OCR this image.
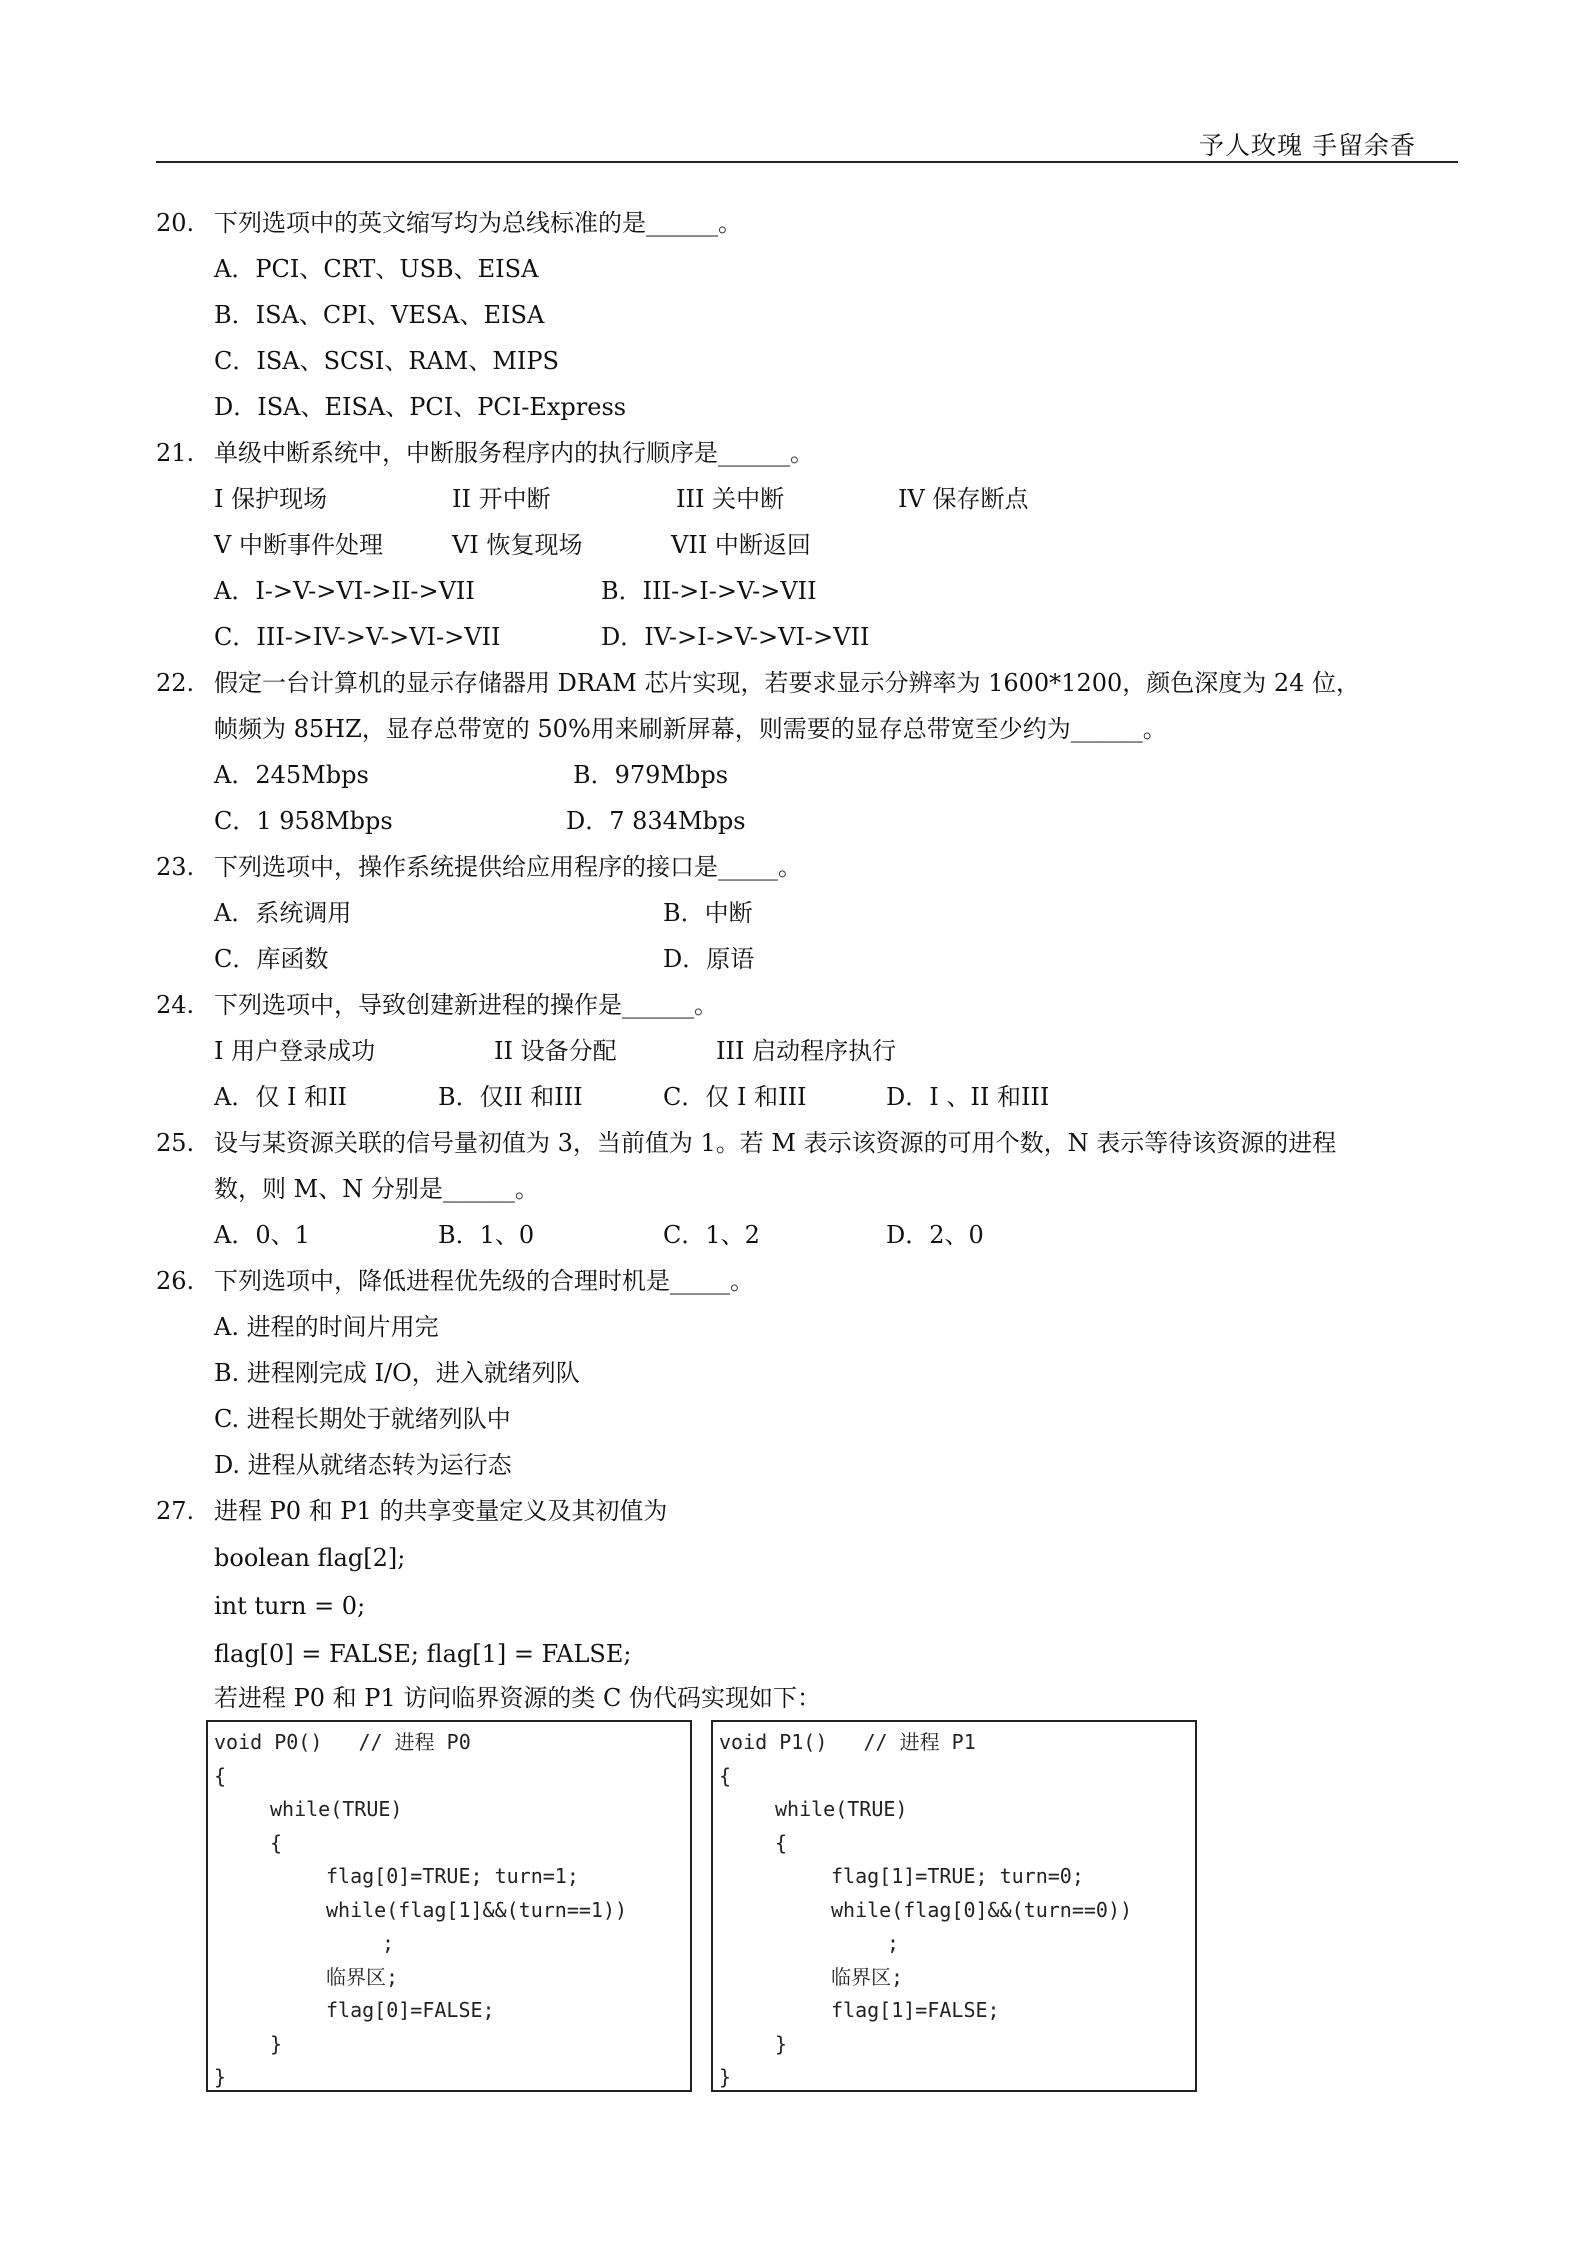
予人玫瑰 手留余香
20. 下列选项中的英文缩写均为总线标准的是______。
A．PCI、CRT、USB、EISA
B．ISA、CPI、VESA、EISA
C．ISA、SCSI、RAM、MIPS
D．ISA、EISA、PCI、PCI-Express
21. 单级中断系统中，中断服务程序内的执行顺序是______。
I 保护现场	II 开中断	III 关中断	IV 保存断点
V 中断事件处理	VI 恢复现场	VII 中断返回
A．I->V->VI->II->VII	B．III->I->V->VII
C．III->IV->V->VI->VII	D．IV->I->V->VI->VII
22. 假定一台计算机的显示存储器用 DRAM 芯片实现，若要求显示分辨率为 1600*1200，颜色深度为 24 位，
帧频为 85HZ，显存总带宽的 50%用来刷新屏幕，则需要的显存总带宽至少约为______。
A．245Mbps	B．979Mbps
C．1 958Mbps	D．7 834Mbps
23. 下列选项中，操作系统提供给应用程序的接口是_____。
A．系统调用	B．中断
C．库函数	D．原语
24. 下列选项中，导致创建新进程的操作是______。
I 用户登录成功	II 设备分配	III 启动程序执行
A．仅 I 和II	B．仅II 和III	C．仅 I 和III	D．I 、II 和III
25. 设与某资源关联的信号量初值为 3，当前值为 1。若 M 表示该资源的可用个数，N 表示等待该资源的进程
数，则 M、N 分别是______。
A．0、1	B．1、0	C．1、2	D．2、0
26. 下列选项中，降低进程优先级的合理时机是_____。
A. 进程的时间片用完
B. 进程刚完成 I/O，进入就绪列队
C. 进程长期处于就绪列队中
D. 进程从就绪态转为运行态
27. 进程 P0 和 P1 的共享变量定义及其初值为
boolean flag[2];
int turn = 0;
flag[0] = FALSE; flag[1] = FALSE;
若进程 P0 和 P1 访问临界资源的类 C 伪代码实现如下：
void P0()   // 进程 P0
{
while(TRUE)
{
flag[0]=TRUE; turn=1;
while(flag[1]&&(turn==1))
;
临界区;
flag[0]=FALSE;
}
}
void P1()   // 进程 P1
{
while(TRUE)
{
flag[1]=TRUE; turn=0;
while(flag[0]&&(turn==0))
;
临界区;
flag[1]=FALSE;
}
}
